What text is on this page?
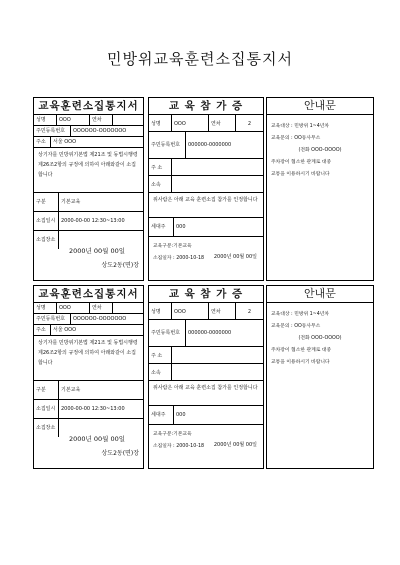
민방위교육훈련소집통지서
교육훈련소집통지서
성명	OOO	연차
주민등록번호	OOOOOO-OOOOOOO
주소	서울 OOO
상기자를 민방위기본법 제21조 및 동법시행령 제26조2항의 규정에 의하여 아래와같이 소집합니다
구분	기본교육
소집일시	2000-00-00 12:30~13:00
소집장소
2000년 00월 00일
상도2동(면)장
교 육 참 가 증
성명	OOO	연차	2
주민등록번호	000000-0000000
주 소
소속
위사람은 아래 교육 훈련소집 참가를 인정합니다
세대주	000
교육구분:기본교육
소집일자 : 2000-10-18	2000년 00월 00일
안내문
교육대상 : 민방위 1~4년차
교육문의 : OO동사무소
(전화 OOO-OOOO)
주차장이 협소한 관계로 대중
교통을 이용하시기 바랍니다
교육훈련소집통지서
성명	OOO	연차
주민등록번호	OOOOOO-OOOOOOO
주소	서울 OOO
상기자를 민방위기본법 제21조 및 동법시행령 제26조2항의 규정에 의하여 아래와같이 소집합니다
구분	기본교육
소집일시	2000-00-00 12:30~13:00
소집장소
2000년 00월 00일
상도2동(면)장
교 육 참 가 증
성명	OOO	연차	2
주민등록번호	000000-0000000
주 소
소속
위사람은 아래 교육 훈련소집 참가를 인정합니다
세대주	000
교육구분:기본교육
소집일자 : 2000-10-18	2000년 00월 00일
안내문
교육대상 : 민방위 1~4년차
교육문의 : OO동사무소
(전화 OOO-OOOO)
주차장이 협소한 관계로 대중
교통을 이용하시기 바랍니다
